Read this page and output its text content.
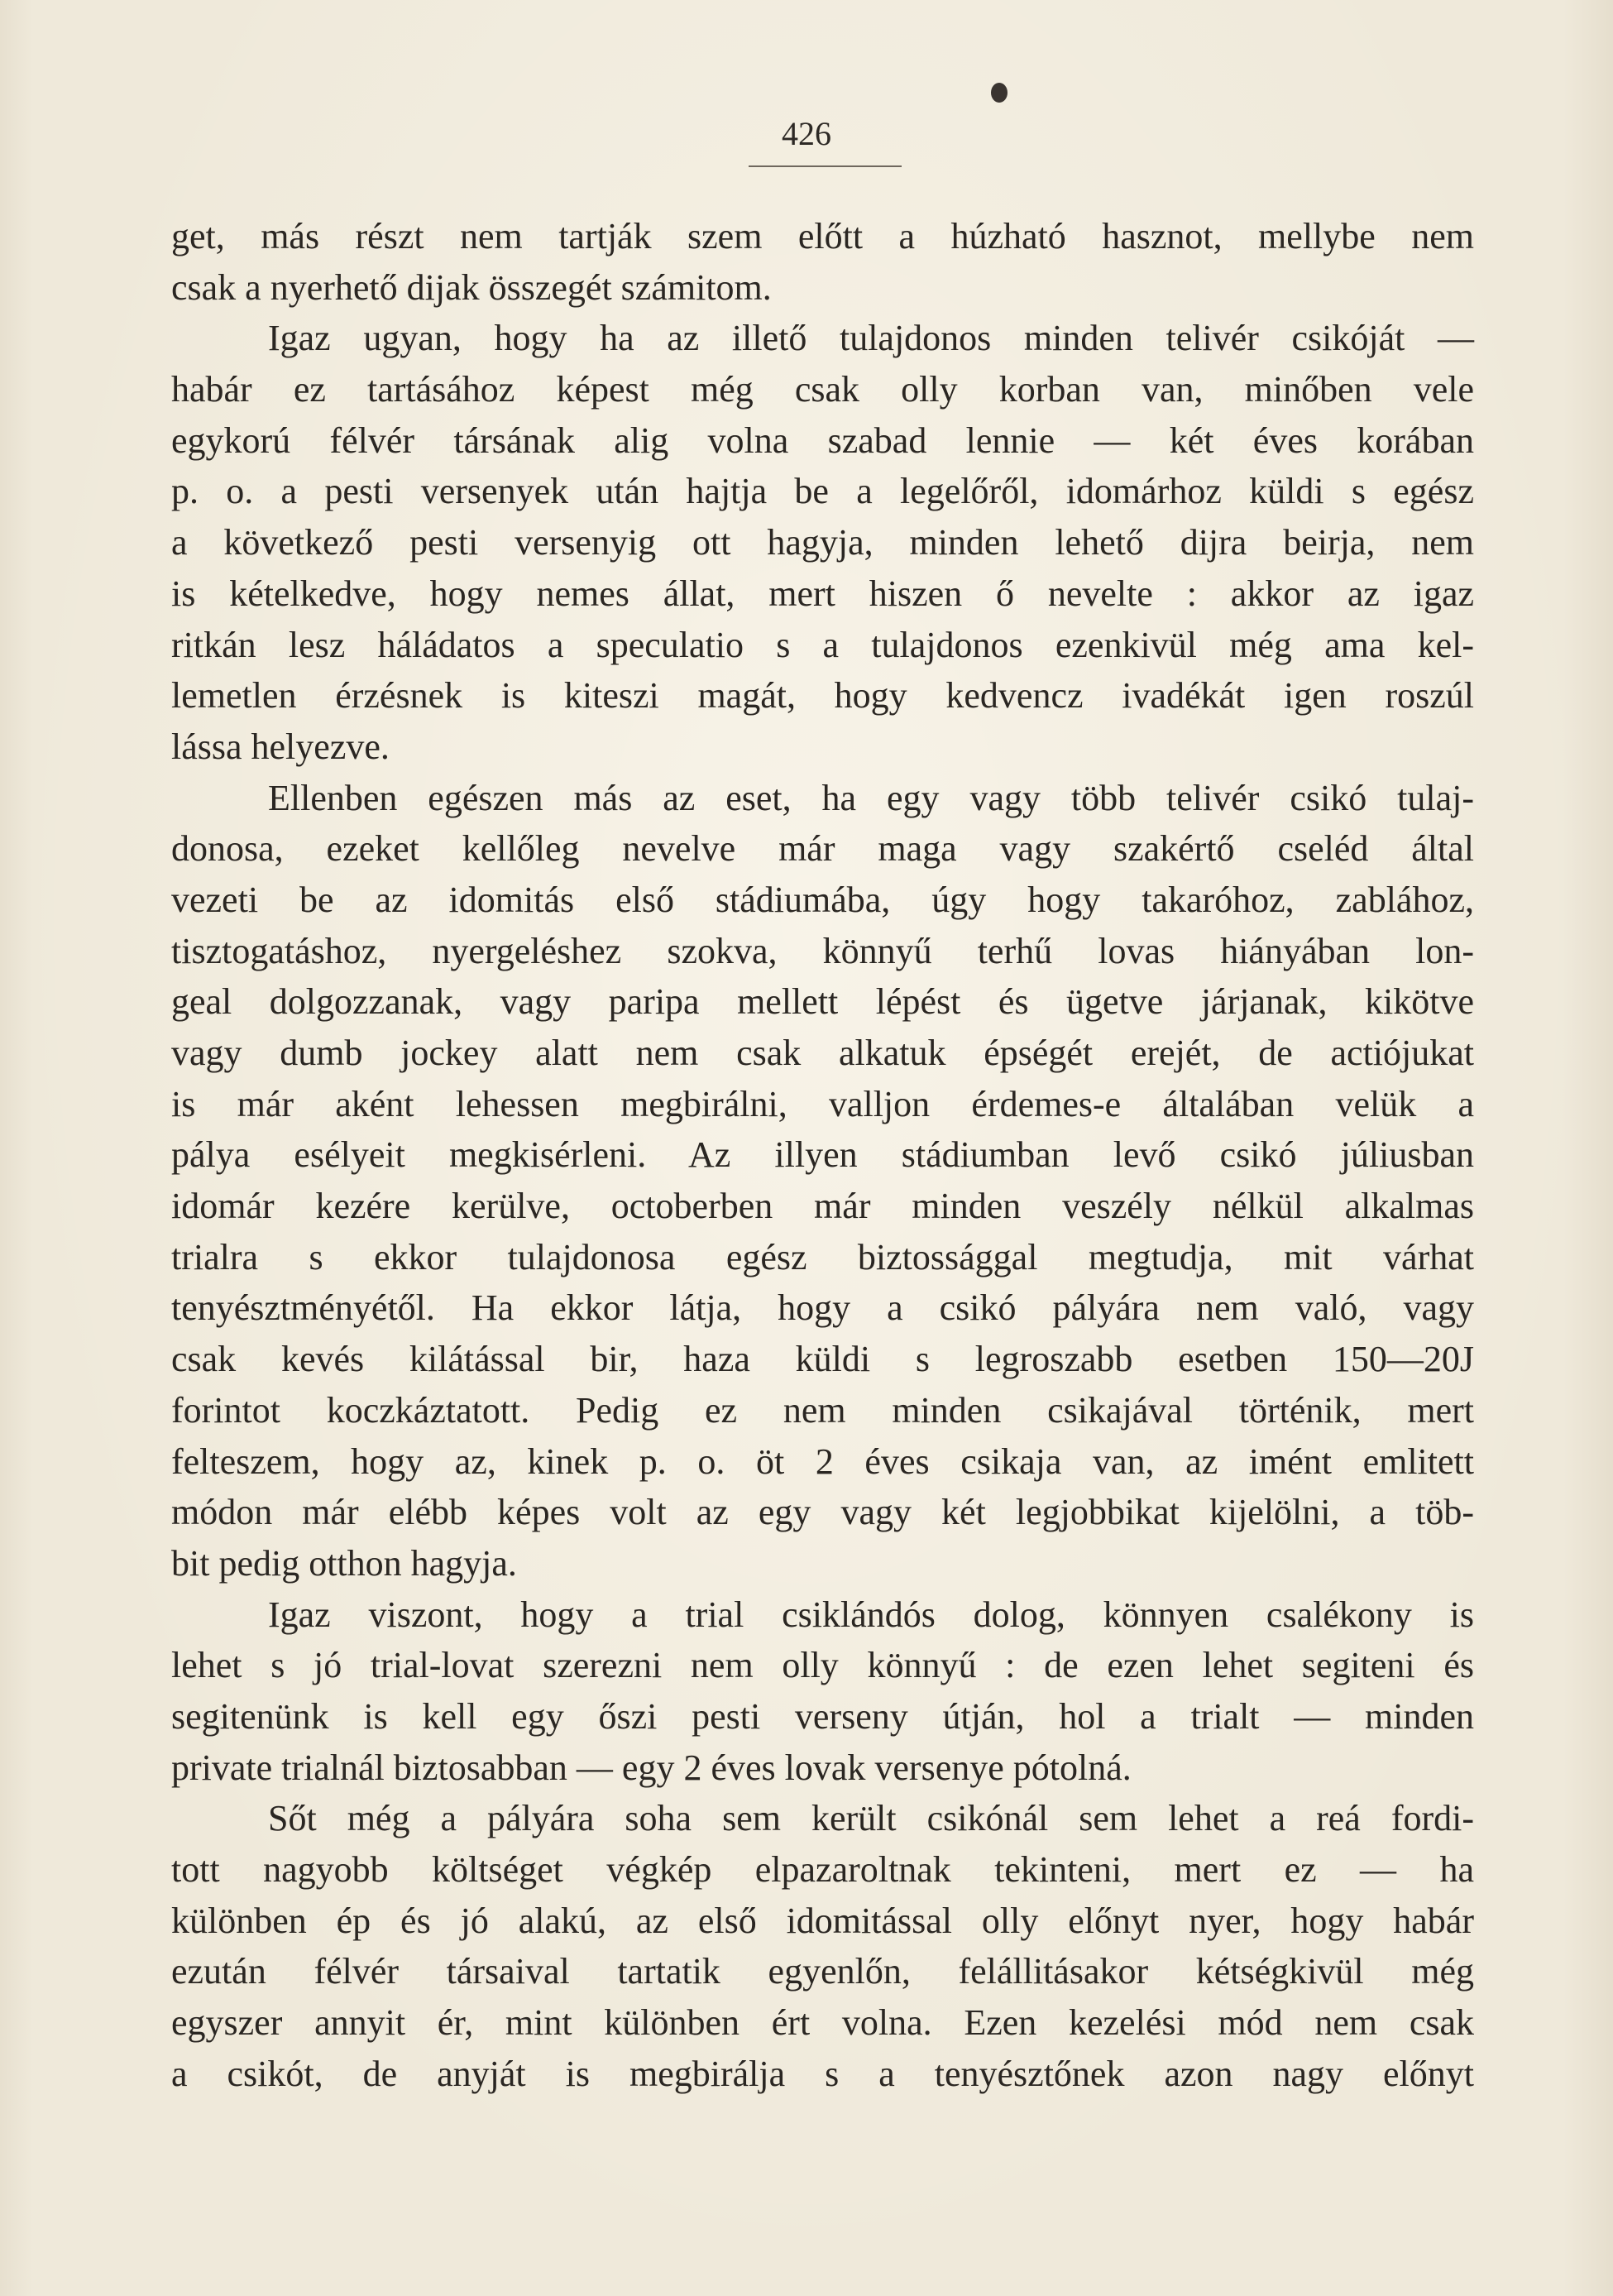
426
get, más részt nem tartják szem előtt a húzható hasznot, mellybe nem
csak a nyerhető dijak összegét számitom.
Igaz ugyan, hogy ha az illető tulajdonos minden telivér csikóját —
habár ez tartásához képest még csak olly korban van, minőben vele
egykorú félvér társának alig volna szabad lennie — két éves korában
p. o. a pesti versenyek után hajtja be a legelőről, idomárhoz küldi s egész
a következő pesti versenyig ott hagyja, minden lehető dijra beirja, nem
is kételkedve, hogy nemes állat, mert hiszen ő nevelte : akkor az igaz
ritkán lesz háládatos a speculatio s a tulajdonos ezenkivül még ama kel-
lemetlen érzésnek is kiteszi magát, hogy kedvencz ivadékát igen roszúl
lássa helyezve.
Ellenben egészen más az eset, ha egy vagy több telivér csikó tulaj-
donosa, ezeket kellőleg nevelve már maga vagy szakértő cseléd által
vezeti be az idomitás első stádiumába, úgy hogy takaróhoz, zablához,
tisztogatáshoz, nyergeléshez szokva, könnyű terhű lovas hiányában lon-
geal dolgozzanak, vagy paripa mellett lépést és ügetve járjanak, kikötve
vagy dumb jockey alatt nem csak alkatuk épségét erejét, de actiójukat
is már aként lehessen megbirálni, valljon érdemes-e általában velük a
pálya esélyeit megkisérleni. Az illyen stádiumban levő csikó júliusban
idomár kezére kerülve, octoberben már minden veszély nélkül alkalmas
trialra s ekkor tulajdonosa egész biztossággal megtudja, mit várhat
tenyésztményétől. Ha ekkor látja, hogy a csikó pályára nem való, vagy
csak kevés kilátással bir, haza küldi s legroszabb esetben 150—20J
forintot koczkáztatott. Pedig ez nem minden csikajával történik, mert
felteszem, hogy az, kinek p. o. öt 2 éves csikaja van, az imént emlitett
módon már elébb képes volt az egy vagy két legjobbikat kijelölni, a töb-
bit pedig otthon hagyja.
Igaz viszont, hogy a trial csiklándós dolog, könnyen csalékony is
lehet s jó trial-lovat szerezni nem olly könnyű : de ezen lehet segiteni és
segitenünk is kell egy őszi pesti verseny útján, hol a trialt — minden
private trialnál biztosabban — egy 2 éves lovak versenye pótolná.
Sőt még a pályára soha sem került csikónál sem lehet a reá fordi-
tott nagyobb költséget végkép elpazaroltnak tekinteni, mert ez — ha
különben ép és jó alakú, az első idomitással olly előnyt nyer, hogy habár
ezután félvér társaival tartatik egyenlőn, felállitásakor kétségkivül még
egyszer annyit ér, mint különben ért volna. Ezen kezelési mód nem csak
a csikót, de anyját is megbirálja s a tenyésztőnek azon nagy előnyt
